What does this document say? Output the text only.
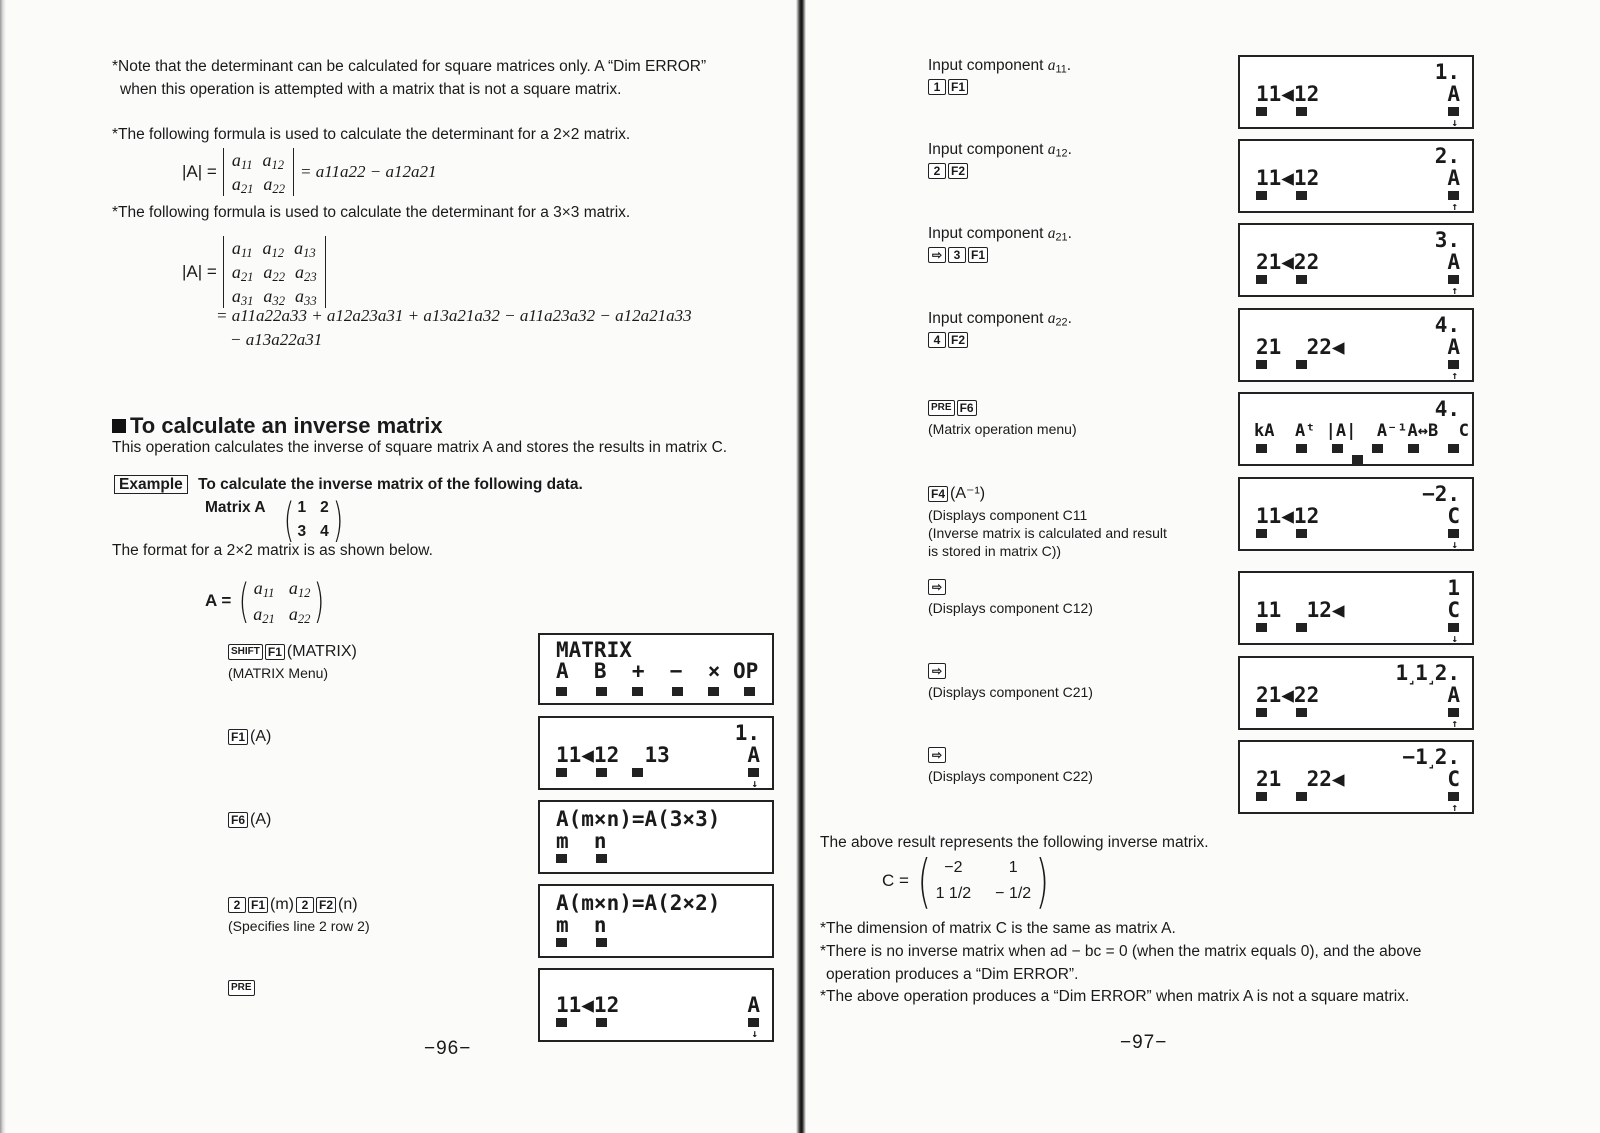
*Note that the determinant can be calculated for square matrices only. A “Dim ERROR”
when this operation is attempted with a matrix that is not a square matrix.
*The following formula is used to calculate the determinant for a 2×2 matrix.
|A| =
$a_{11}$ $a_{12}$
$a_{21}$ $a_{22}$
= a11a22 − a12a21
*The following formula is used to calculate the determinant for a 3×3 matrix.
|A| =
$a_{11}$ $a_{12}$ $a_{13}$
$a_{21}$ $a_{22}$ $a_{23}$
$a_{31}$ $a_{32}$ $a_{33}$
= a11a22a33 + a12a23a31 + a13a21a32 − a11a23a32 − a12a21a33
− a13a22a31
To calculate an inverse matrix
This operation calculates the inverse of square matrix A and stores the results in matrix C.
Example To calculate the inverse matrix of the following data.
Matrix A ( 1 2
3 4 )
The format for a 2×2 matrix is as shown below.
A = ( $a_{11}$ $a_{12}$
$a_{21}$ $a_{22}$ )
SHIFT F1 (MATRIX)
(MATRIX Menu)
F1 (A)
F6 (A)
2 F1 (m) 2 F2 (n)
(Specifies line 2 row 2)
PRE
MATRIX
A  B  +  −  × OP
1.
11◀12  13	A
↓
A(m×n)=A(3×3)
m  n
A(m×n)=A(2×2)
m  n
11◀12	A
↓
−96−
Input component $a_{11}$.
1 F1
Input component $a_{12}$.
2 F2
Input component $a_{21}$.
⇨ 3 F1
Input component $a_{22}$.
4 F2
PRE F6
(Matrix operation menu)
F4 (A⁻¹)
(Displays component C11
(Inverse matrix is calculated and result
is stored in matrix C))
⇨
(Displays component C12)
⇨
(Displays component C21)
⇨
(Displays component C22)
1.
11◀12	A
↓
2.
11◀12	A
↑
3.
21◀22	A
↑
4.
21  22◀	A
↑
4.
kA  Aᵗ |A|  A⁻¹A↔B  C
−2.
11◀12	C
↓
1
11  12◀	C
↓
1˼1˼2.
21◀22	A
↑
−1˼2.
21  22◀	C
↑
The above result represents the following inverse matrix.
C = ( −2	1
1 1/2 − 1/2 )
*The dimension of matrix C is the same as matrix A.
*There is no inverse matrix when ad − bc = 0 (when the matrix equals 0), and the above
operation produces a “Dim ERROR”.
*The above operation produces a “Dim ERROR” when matrix A is not a square matrix.
−97−
